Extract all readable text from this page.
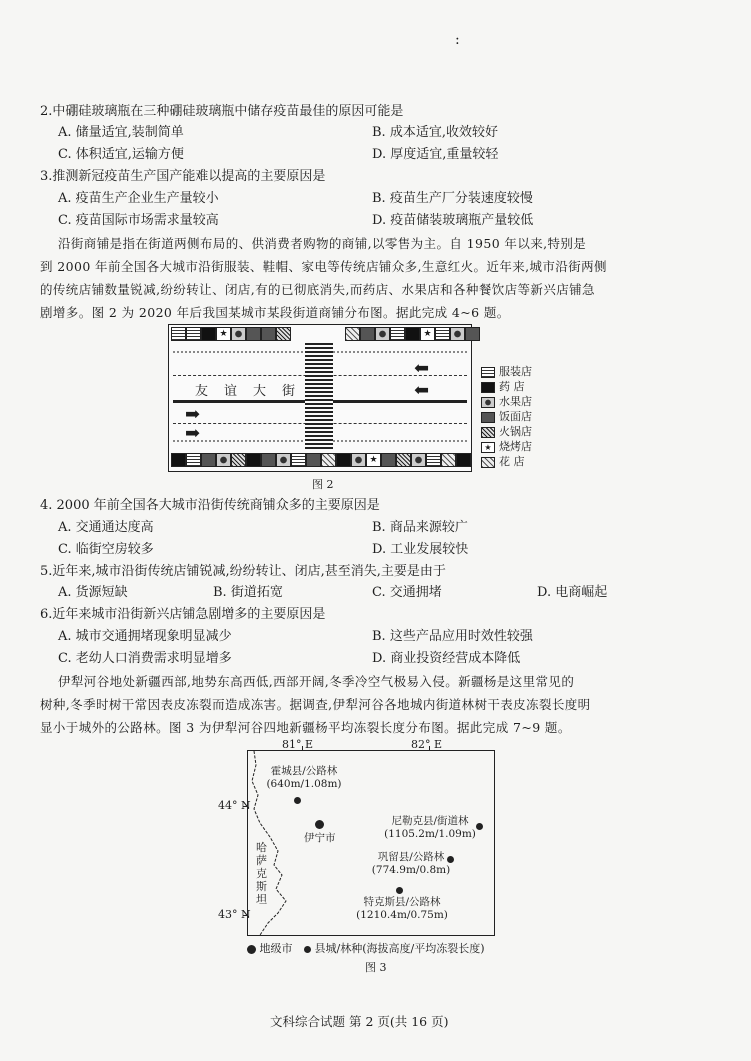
:
2.中硼硅玻璃瓶在三种硼硅玻璃瓶中储存疫苗最佳的原因可能是
A. 储量适宜,装制简单	B. 成本适宜,收效较好
C. 体积适宜,运输方便	D. 厚度适宜,重量较轻
3.推测新冠疫苗生产国产能难以提高的主要原因是
A. 疫苗生产企业生产量较小	B. 疫苗生产厂分装速度较慢
C. 疫苗国际市场需求量较高	D. 疫苗储装玻璃瓶产量较低
沿街商铺是指在街道两侧布局的、供消费者购物的商铺,以零售为主。自 1950 年以来,特别是
到 2000 年前全国各大城市沿街服装、鞋帽、家电等传统店铺众多,生意红火。近年来,城市沿街两侧
的传统店铺数量锐减,纷纷转让、闭店,有的已彻底消失,而药店、水果店和各种餐饮店等新兴店铺急
剧增多。图 2 为 2020 年后我国某城市某段街道商铺分布图。据此完成 4~6 题。
★	★
★
友谊大街
⬅
⬅
➡
➡
服装店
药 店
水果店
饭面店
火锅店
★ 烧烤店
花 店
图 2
4. 2000 年前全国各大城市沿街传统商铺众多的主要原因是
A. 交通通达度高	B. 商品来源较广
C. 临街空房较多	D. 工业发展较快
5.近年来,城市沿街传统店铺锐减,纷纷转让、闭店,甚至消失,主要是由于
A. 货源短缺	B. 街道拓宽	C. 交通拥堵	D. 电商崛起
6.近年来城市沿街新兴店铺急剧增多的主要原因是
A. 城市交通拥堵现象明显减少	B. 这些产品应用时效性较强
C. 老幼人口消费需求明显增多	D. 商业投资经营成本降低
伊犁河谷地处新疆西部,地势东高西低,西部开阔,冬季冷空气极易入侵。新疆杨是这里常见的
树种,冬季时树干常因表皮冻裂而造成冻害。据调查,伊犁河谷各地城内街道林树干表皮冻裂长度明
显小于城外的公路林。图 3 为伊犁河谷四地新疆杨平均冻裂长度分布图。据此完成 7~9 题。
81° E	82° E
44° N
43° N
哈
萨
克
斯
坦
霍城县/公路林
(640m/1.08m)
伊宁市
尼勒克县/街道林
(1105.2m/1.09m)
巩留县/公路林
(774.9m/0.8m)
特克斯县/公路林
(1210.4m/0.75m)
地级市 县城/林种(海拔高度/平均冻裂长度)
图 3
文科综合试题 第 2 页(共 16 页)
